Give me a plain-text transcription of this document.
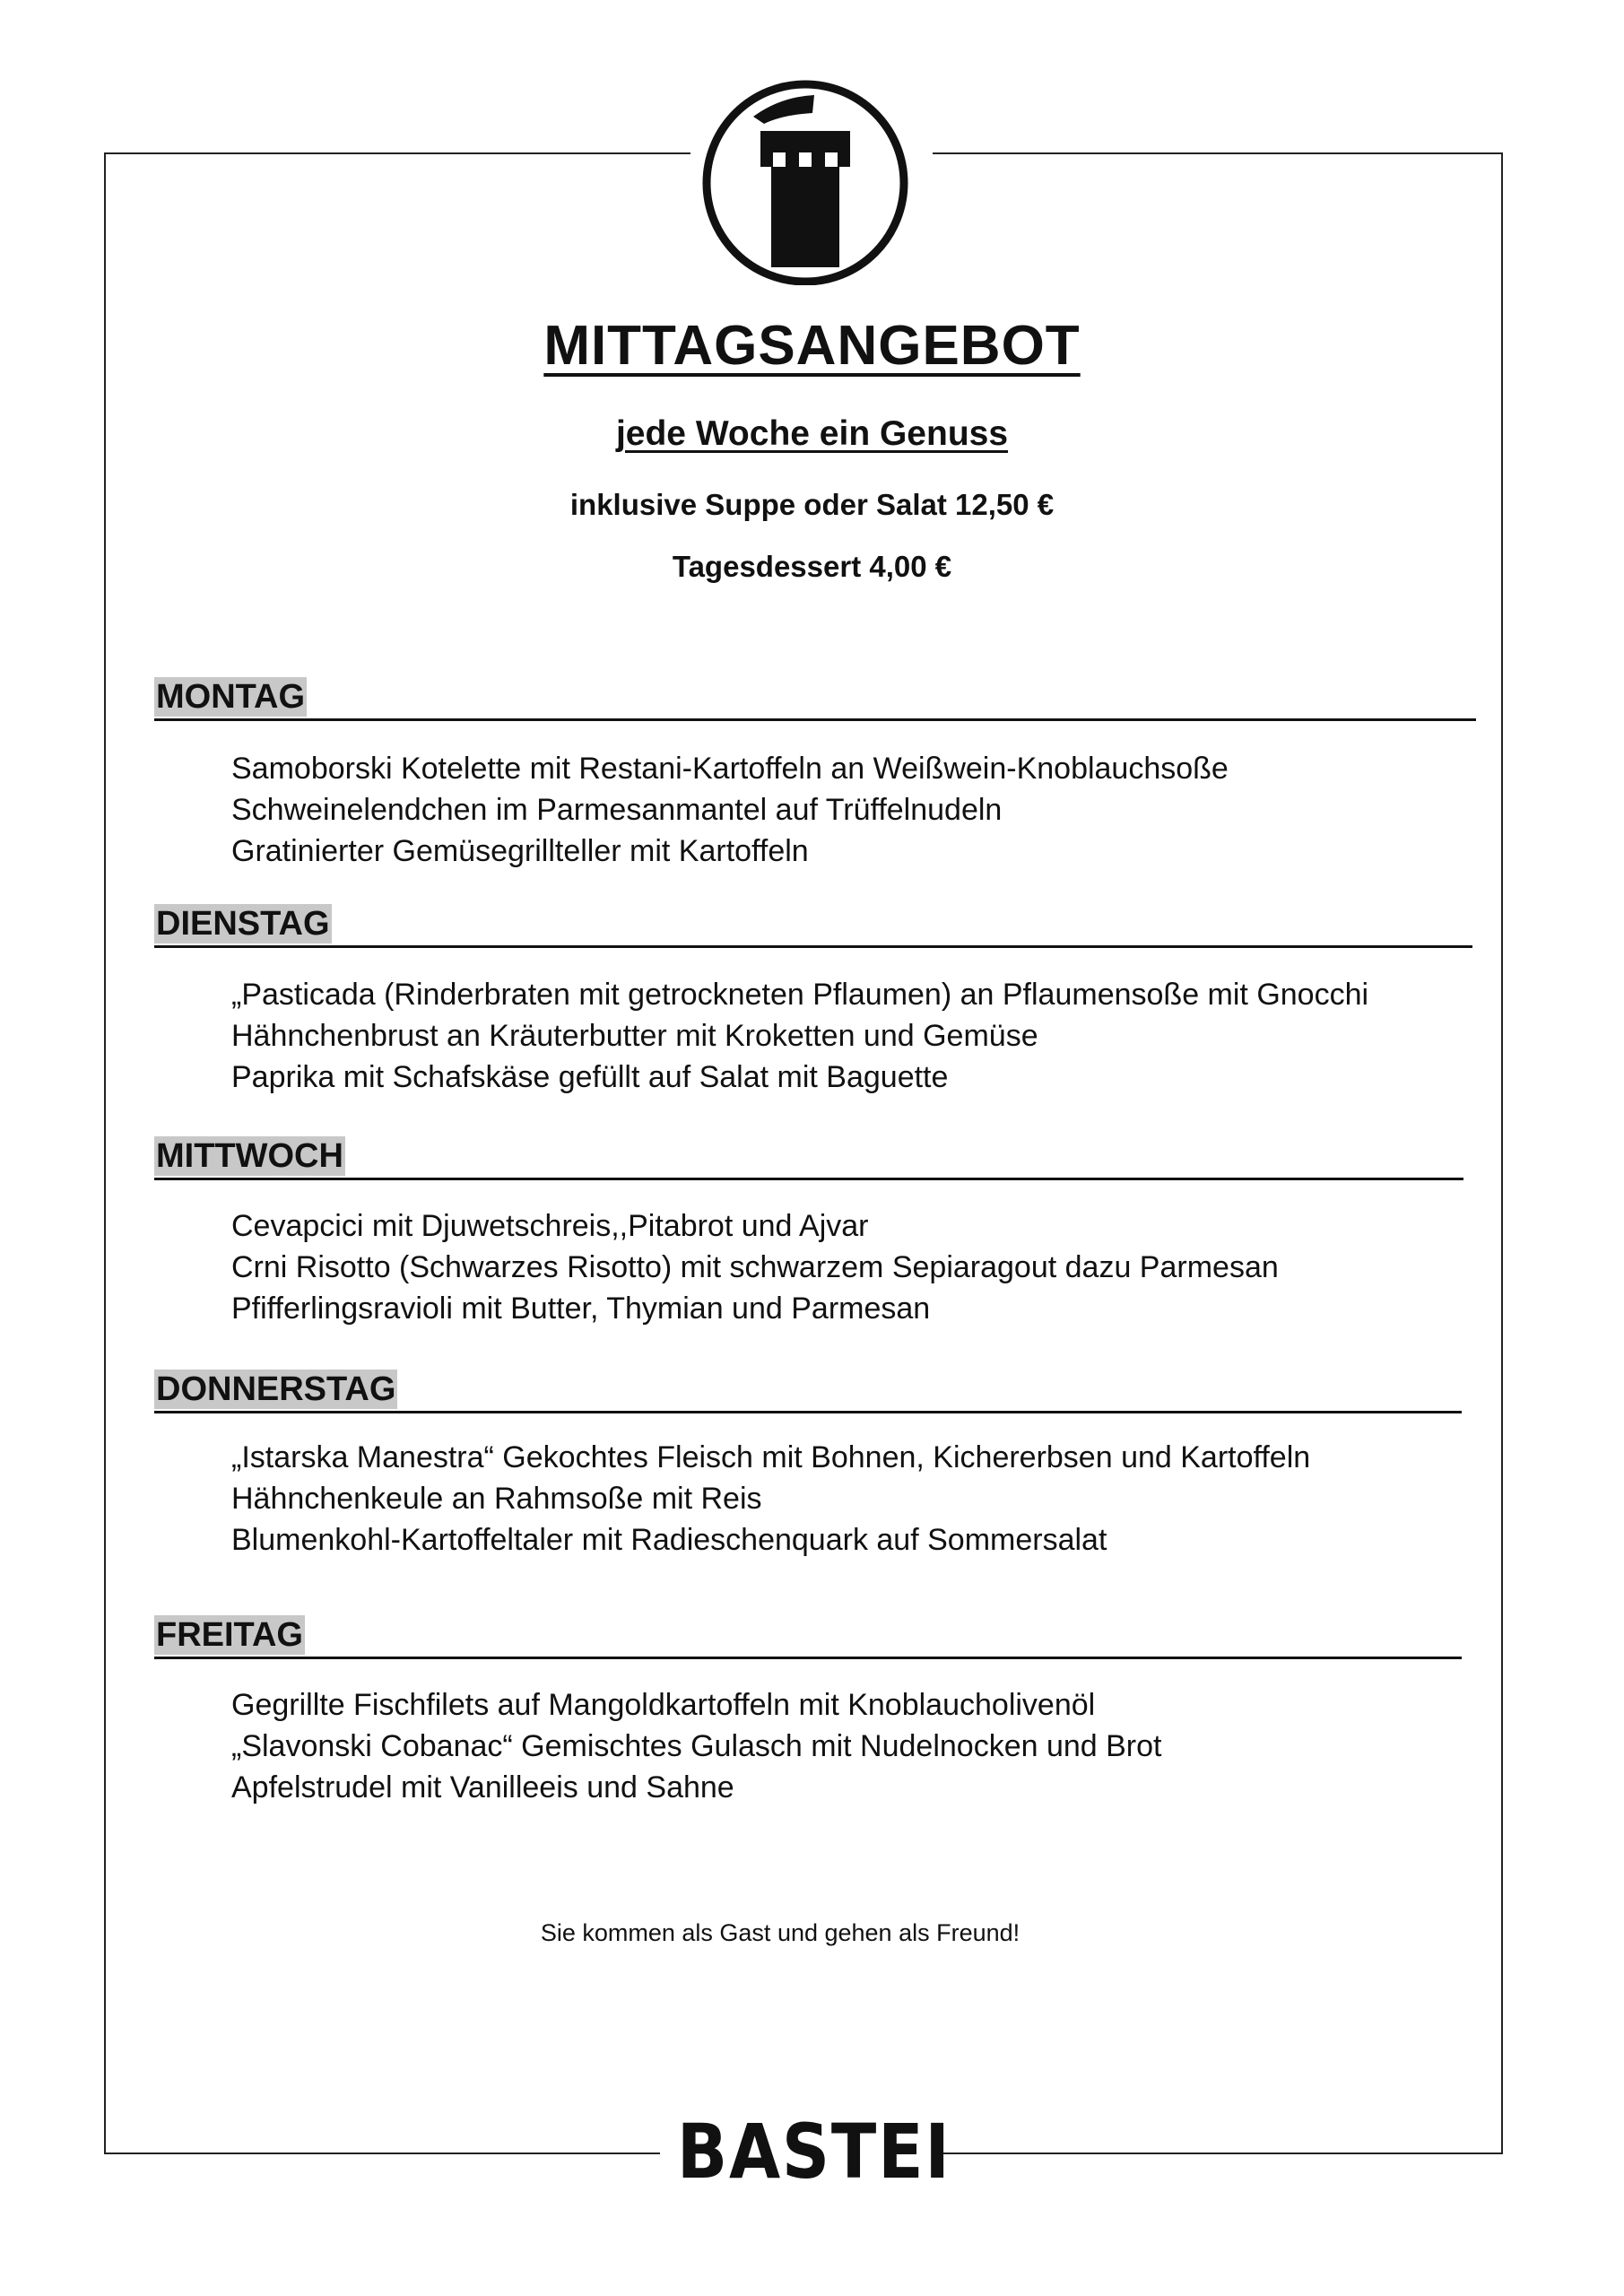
MITTAGSANGEBOT
jede Woche ein Genuss
inklusive Suppe oder Salat 12,50 €
Tagesdessert 4,00 €
MONTAG
Samoborski Kotelette mit Restani-Kartoffeln an Weißwein-Knoblauchsoße
Schweinelendchen im Parmesanmantel auf Trüffelnudeln
Gratinierter Gemüsegrillteller mit Kartoffeln
DIENSTAG
„Pasticada (Rinderbraten mit getrockneten Pflaumen) an Pflaumensoße mit Gnocchi
Hähnchenbrust an Kräuterbutter mit Kroketten und Gemüse
Paprika mit Schafskäse gefüllt auf Salat mit Baguette
MITTWOCH
Cevapcici mit Djuwetschreis,,Pitabrot und Ajvar
Crni Risotto (Schwarzes Risotto) mit schwarzem Sepiaragout dazu Parmesan
Pfifferlingsravioli mit Butter, Thymian und Parmesan
DONNERSTAG
„Istarska Manestra“ Gekochtes Fleisch mit Bohnen, Kichererbsen und Kartoffeln
Hähnchenkeule an Rahmsoße mit Reis
Blumenkohl-Kartoffeltaler mit Radieschenquark auf Sommersalat
FREITAG
Gegrillte Fischfilets auf Mangoldkartoffeln mit Knoblaucholivenöl
„Slavonski Cobanac“ Gemischtes Gulasch mit Nudelnocken und Brot
Apfelstrudel mit Vanilleeis und Sahne
Sie kommen als Gast und gehen als Freund!
BASTEI
